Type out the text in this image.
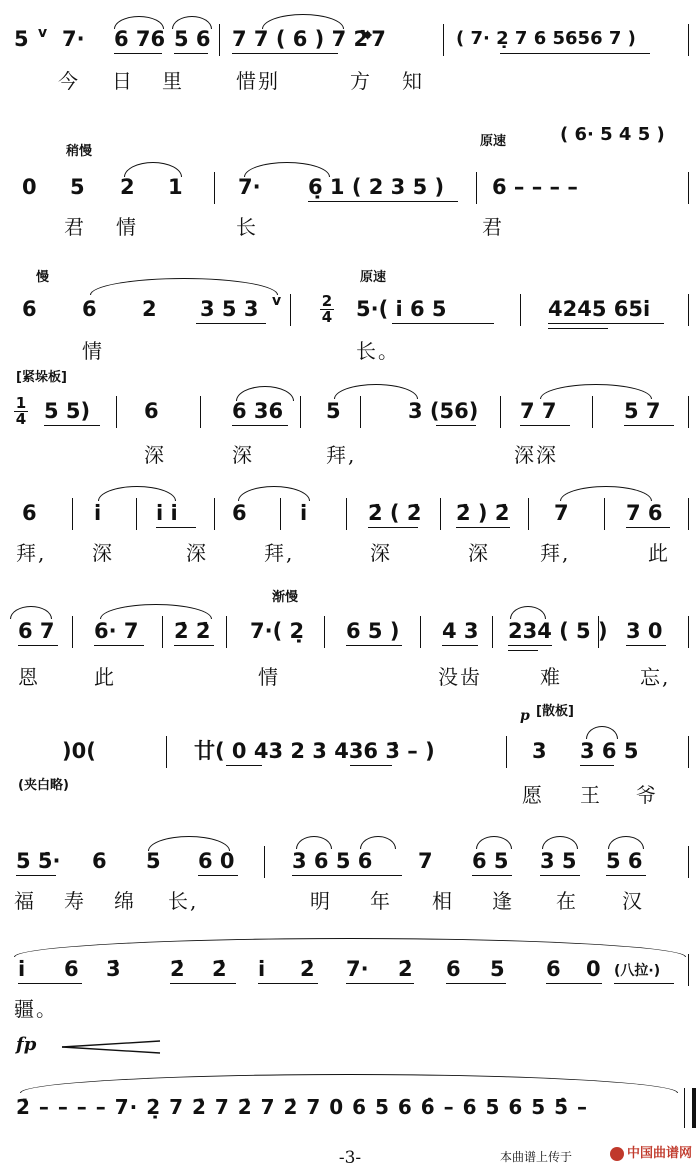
5 v 7· 6 76 5 6 7 7 ( 6 ) 7 2̇
𝄌7	( 7· 2̣ 7 6 5656 7 )
今 日 里	惜别	方 知
稍慢
原速	( 6· 5 4 5 )
0 5 2 1	7· 6̣ 1 ( 2 3 5 ) 6 – – – –
君 情	长	君
慢	原速
6 6 2 3 5 3 v	2
4 5·( i̇ 6 5	4245 65i̇
情	长。
[紧垛板]
1
4 5 5)	6	6 36 5	3 (56) 7 7	5 7
深	深	拜,	深深
6	i̇	i̇ i̇	6	i̇	2̇ ( 2̇ 2̇ ) 2̇ 7	7 6
拜, 深	深	拜,	深	深	拜,	此
渐慢
6 7 6· 7 2̇ 2̇ 7·( 2̣ 6 5 ) 4 3 234 ( 5 ) 3 0
恩	此	情	没齿	难	忘,
p [散板]
)0(	廿( 0 43 2 3 436 3̇ – )	3 3 6 5
(夹白略)	愿 王 爷
5 5̇· 6 5 6 0	3 6 5 6 7 6 5 3 5 5 6
福 寿 绵 长,	明 年 相 逢 在 汉
i̇ 6 3̇ 2̇ 2̇ i̇ 2̇ 7· 2̇ 6 5 6 0 (八拉·)
疆。
fp
2̇ – – – – 7· 2̣ 7 2̇ 7 2̇ 7 2̇ 7 0 6 5 6 6̂ – 6 5 6 5 5̂ –
-3-	本曲谱上传于	中国曲谱网
